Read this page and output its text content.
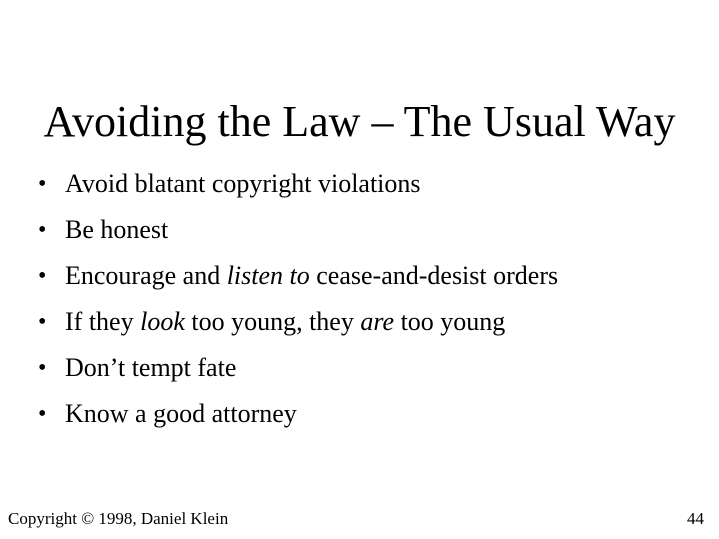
Avoiding the Law – The Usual Way
• Avoid blatant copyright violations
• Be honest
• Encourage and listen to cease-and-desist orders
• If they look too young, they are too young
• Don’t tempt fate
• Know a good attorney
Copyright © 1998, Daniel Klein	44
